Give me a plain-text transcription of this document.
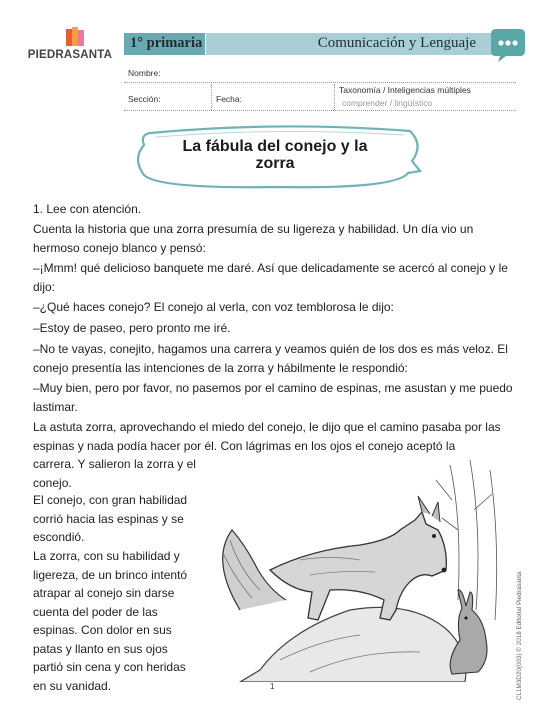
PIEDRASANTA
1° primaria	Comunicación y Lenguaje
Nombre:
Sección:	Fecha:
Taxonomía / Inteligencias múltiples
comprender / lingüístico
La fábula del conejo y la zorra
1. Lee con atención.
Cuenta la historia que una zorra presumía de su ligereza y habilidad. Un día vio un hermoso conejo blanco y pensó:
–¡Mmm! qué delicioso banquete me daré. Así que delicadamente se acercó al conejo y le dijo:
–¿Qué haces conejo? El conejo al verla, con voz temblorosa le dijo:
–Estoy de paseo, pero pronto me iré.
–No te vayas, conejito, hagamos una carrera y veamos quién de los dos es más veloz. El conejo presentía las intenciones de la zorra y hábilmente le respondió:
–Muy bien, pero por favor, no pasemos por el camino de espinas, me asustan y me puedo lastimar.
La astuta zorra, aprovechando el miedo del conejo, le dijo que el camino pasaba por las espinas y nada podía hacer por él. Con lágrimas en los ojos el conejo aceptó la
carrera. Y salieron la zorra y el conejo.
El conejo, con gran habilidad corrió hacia las espinas y se escondió.
La zorra, con su habilidad y ligereza, de un brinco intentó atrapar al conejo sin darse cuenta del poder de las espinas. Con dolor en sus patas y llanto en sus ojos partió sin cena y con heridas en su vanidad.	1	CL1M3D20(003) © 2018 Editorial Piedrasanta
